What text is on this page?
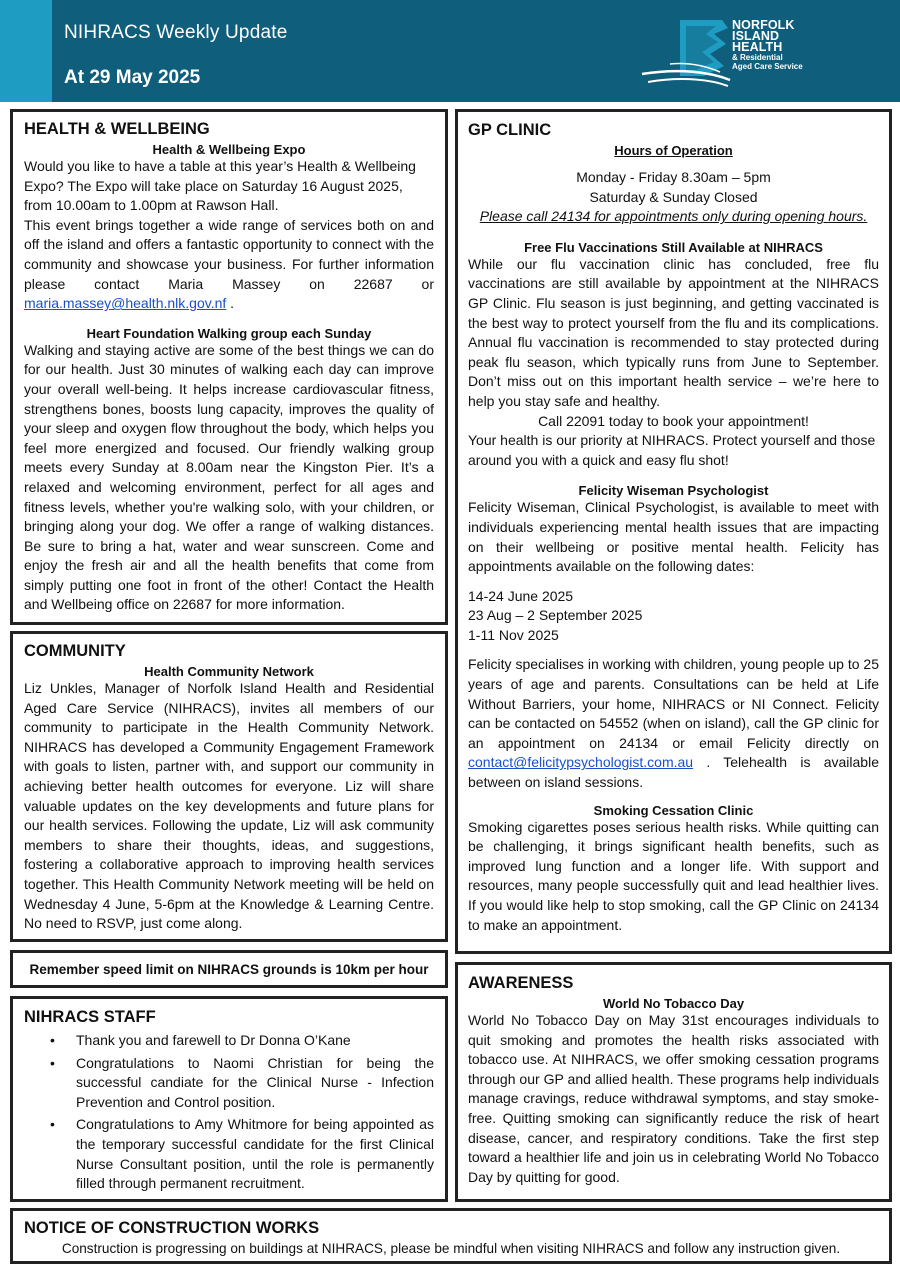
NIHRACS Weekly Update
At 29 May 2025
NORFOLK
ISLAND
HEALTH
& Residential
Aged Care Service
HEALTH & WELLBEING
Health & Wellbeing Expo

Would you like to have a table at this year’s Health & Wellbeing Expo? The Expo will take place on Saturday 16 August 2025, from 10.00am to 1.00pm at Rawson Hall.

This event brings together a wide range of services both on and off the island and offers a fantastic opportunity to connect with the community and showcase your business. For further information please contact Maria Massey on 22687 or maria.massey@health.nlk.gov.nf .

Heart Foundation Walking group each Sunday

Walking and staying active are some of the best things we can do for our health. Just 30 minutes of walking each day can improve your overall well-being. It helps increase cardiovascular fitness, strengthens bones, boosts lung capacity, improves the quality of your sleep and oxygen flow throughout the body, which helps you feel more energized and focused. Our friendly walking group meets every Sunday at 8.00am near the Kingston Pier. It’s a relaxed and welcoming environment, perfect for all ages and fitness levels, whether you're walking solo, with your children, or bringing along your dog. We offer a range of walking distances. Be sure to bring a hat, water and wear sunscreen. Come and enjoy the fresh air and all the health benefits that come from simply putting one foot in front of the other! Contact the Health and Wellbeing office on 22687 for more information.

COMMUNITY
Health Community Network

Liz Unkles, Manager of Norfolk Island Health and Residential Aged Care Service (NIHRACS), invites all members of our community to participate in the Health Community Network. NIHRACS has developed a Community Engagement Framework with goals to listen, partner with, and support our community in achieving better health outcomes for everyone. Liz will share valuable updates on the key developments and future plans for our health services. Following the update, Liz will ask community members to share their thoughts, ideas, and suggestions, fostering a collaborative approach to improving health services together. This Health Community Network meeting will be held on Wednesday 4 June, 5-6pm at the Knowledge & Learning Centre. No need to RSVP, just come along.

Remember speed limit on NIHRACS grounds is 10km per hour
NIHRACS STAFF
• Thank you and farewell to Dr Donna O’Kane
• Congratulations to Naomi Christian for being the successful candiate for the Clinical Nurse - Infection Prevention and Control position.
• Congratulations to Amy Whitmore for being appointed as the temporary successful candidate for the first Clinical Nurse Consultant position, until the role is permanently filled through permanent recruitment.
GP CLINIC
Hours of Operation

Monday - Friday 8.30am – 5pm

Saturday & Sunday Closed

Please call 24134 for appointments only during opening hours.

Free Flu Vaccinations Still Available at NIHRACS

While our flu vaccination clinic has concluded, free flu vaccinations are still available by appointment at the NIHRACS GP Clinic. Flu season is just beginning, and getting vaccinated is the best way to protect yourself from the flu and its complications. Annual flu vaccination is recommended to stay protected during peak flu season, which typically runs from June to September. Don’t miss out on this important health service – we’re here to help you stay safe and healthy.

Call 22091 today to book your appointment!

Your health is our priority at NIHRACS. Protect yourself and those around you with a quick and easy flu shot!

Felicity Wiseman Psychologist

Felicity Wiseman, Clinical Psychologist, is available to meet with individuals experiencing mental health issues that are impacting on their wellbeing or positive mental health. Felicity has appointments available on the following dates:

14-24 June 2025

23 Aug – 2 September 2025

1-11 Nov 2025

Felicity specialises in working with children, young people up to 25 years of age and parents. Consultations can be held at Life Without Barriers, your home, NIHRACS or NI Connect. Felicity can be contacted on 54552 (when on island), call the GP clinic for an appointment on 24134 or email Felicity directly on contact@felicitypsychologist.com.au . Telehealth is available between on island sessions.

Smoking Cessation Clinic

Smoking cigarettes poses serious health risks. While quitting can be challenging, it brings significant health benefits, such as improved lung function and a longer life. With support and resources, many people successfully quit and lead healthier lives. If you would like help to stop smoking, call the GP Clinic on 24134 to make an appointment.

AWARENESS
World No Tobacco Day

World No Tobacco Day on May 31st encourages individuals to quit smoking and promotes the health risks associated with tobacco use. At NIHRACS, we offer smoking cessation programs through our GP and allied health. These programs help individuals manage cravings, reduce withdrawal symptoms, and stay smoke-free. Quitting smoking can significantly reduce the risk of heart disease, cancer, and respiratory conditions. Take the first step toward a healthier life and join us in celebrating World No Tobacco Day by quitting for good.

NOTICE OF CONSTRUCTION WORKS

Construction is progressing on buildings at NIHRACS, please be mindful when visiting NIHRACS and follow any instruction given.
